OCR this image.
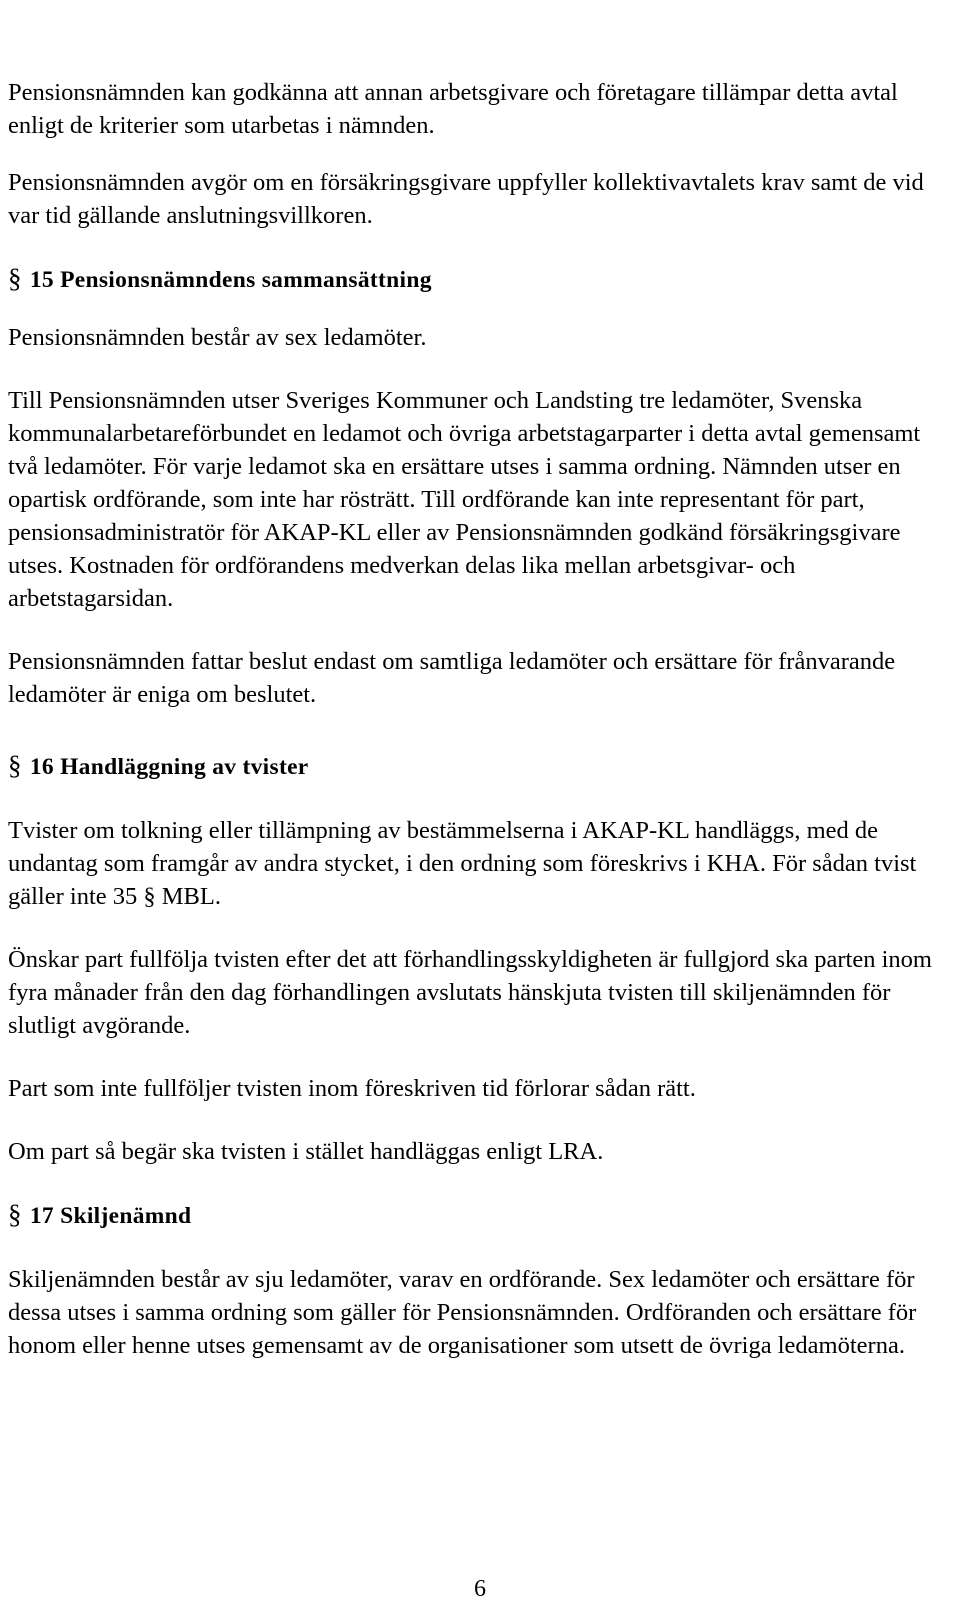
Pensionsnämnden kan godkänna att annan arbetsgivare och företagare tillämpar detta avtal enligt de kriterier som utarbetas i nämnden.

Pensionsnämnden avgör om en försäkringsgivare uppfyller kollektivavtalets krav samt de vid var tid gällande anslutningsvillkoren.

§ 15 Pensionsnämndens sammansättning

Pensionsnämnden består av sex ledamöter.

Till Pensionsnämnden utser Sveriges Kommuner och Landsting tre ledamöter, Svenska kommunalarbetareförbundet en ledamot och övriga arbetstagarparter i detta avtal gemensamt två ledamöter. För varje ledamot ska en ersättare utses i samma ordning. Nämnden utser en opartisk ordförande, som inte har rösträtt. Till ordförande kan inte representant för part, pensionsadministratör för AKAP-KL eller av Pensionsnämnden godkänd försäkringsgivare utses. Kostnaden för ordförandens medverkan delas lika mellan arbetsgivar- och arbetstagarsidan.

Pensionsnämnden fattar beslut endast om samtliga ledamöter och ersättare för frånvarande ledamöter är eniga om beslutet.

§ 16 Handläggning av tvister

Tvister om tolkning eller tillämpning av bestämmelserna i AKAP-KL handläggs, med de undantag som framgår av andra stycket, i den ordning som föreskrivs i KHA. För sådan tvist gäller inte 35 § MBL.

Önskar part fullfölja tvisten efter det att förhandlingsskyldigheten är fullgjord ska parten inom fyra månader från den dag förhandlingen avslutats hänskjuta tvisten till skiljenämnden för slutligt avgörande.

Part som inte fullföljer tvisten inom föreskriven tid förlorar sådan rätt.

Om part så begär ska tvisten i stället handläggas enligt LRA.

§ 17 Skiljenämnd

Skiljenämnden består av sju ledamöter, varav en ordförande. Sex ledamöter och ersättare för dessa utses i samma ordning som gäller för Pensionsnämnden. Ordföranden och ersättare för honom eller henne utses gemensamt av de organisationer som utsett de övriga ledamöterna.

6
